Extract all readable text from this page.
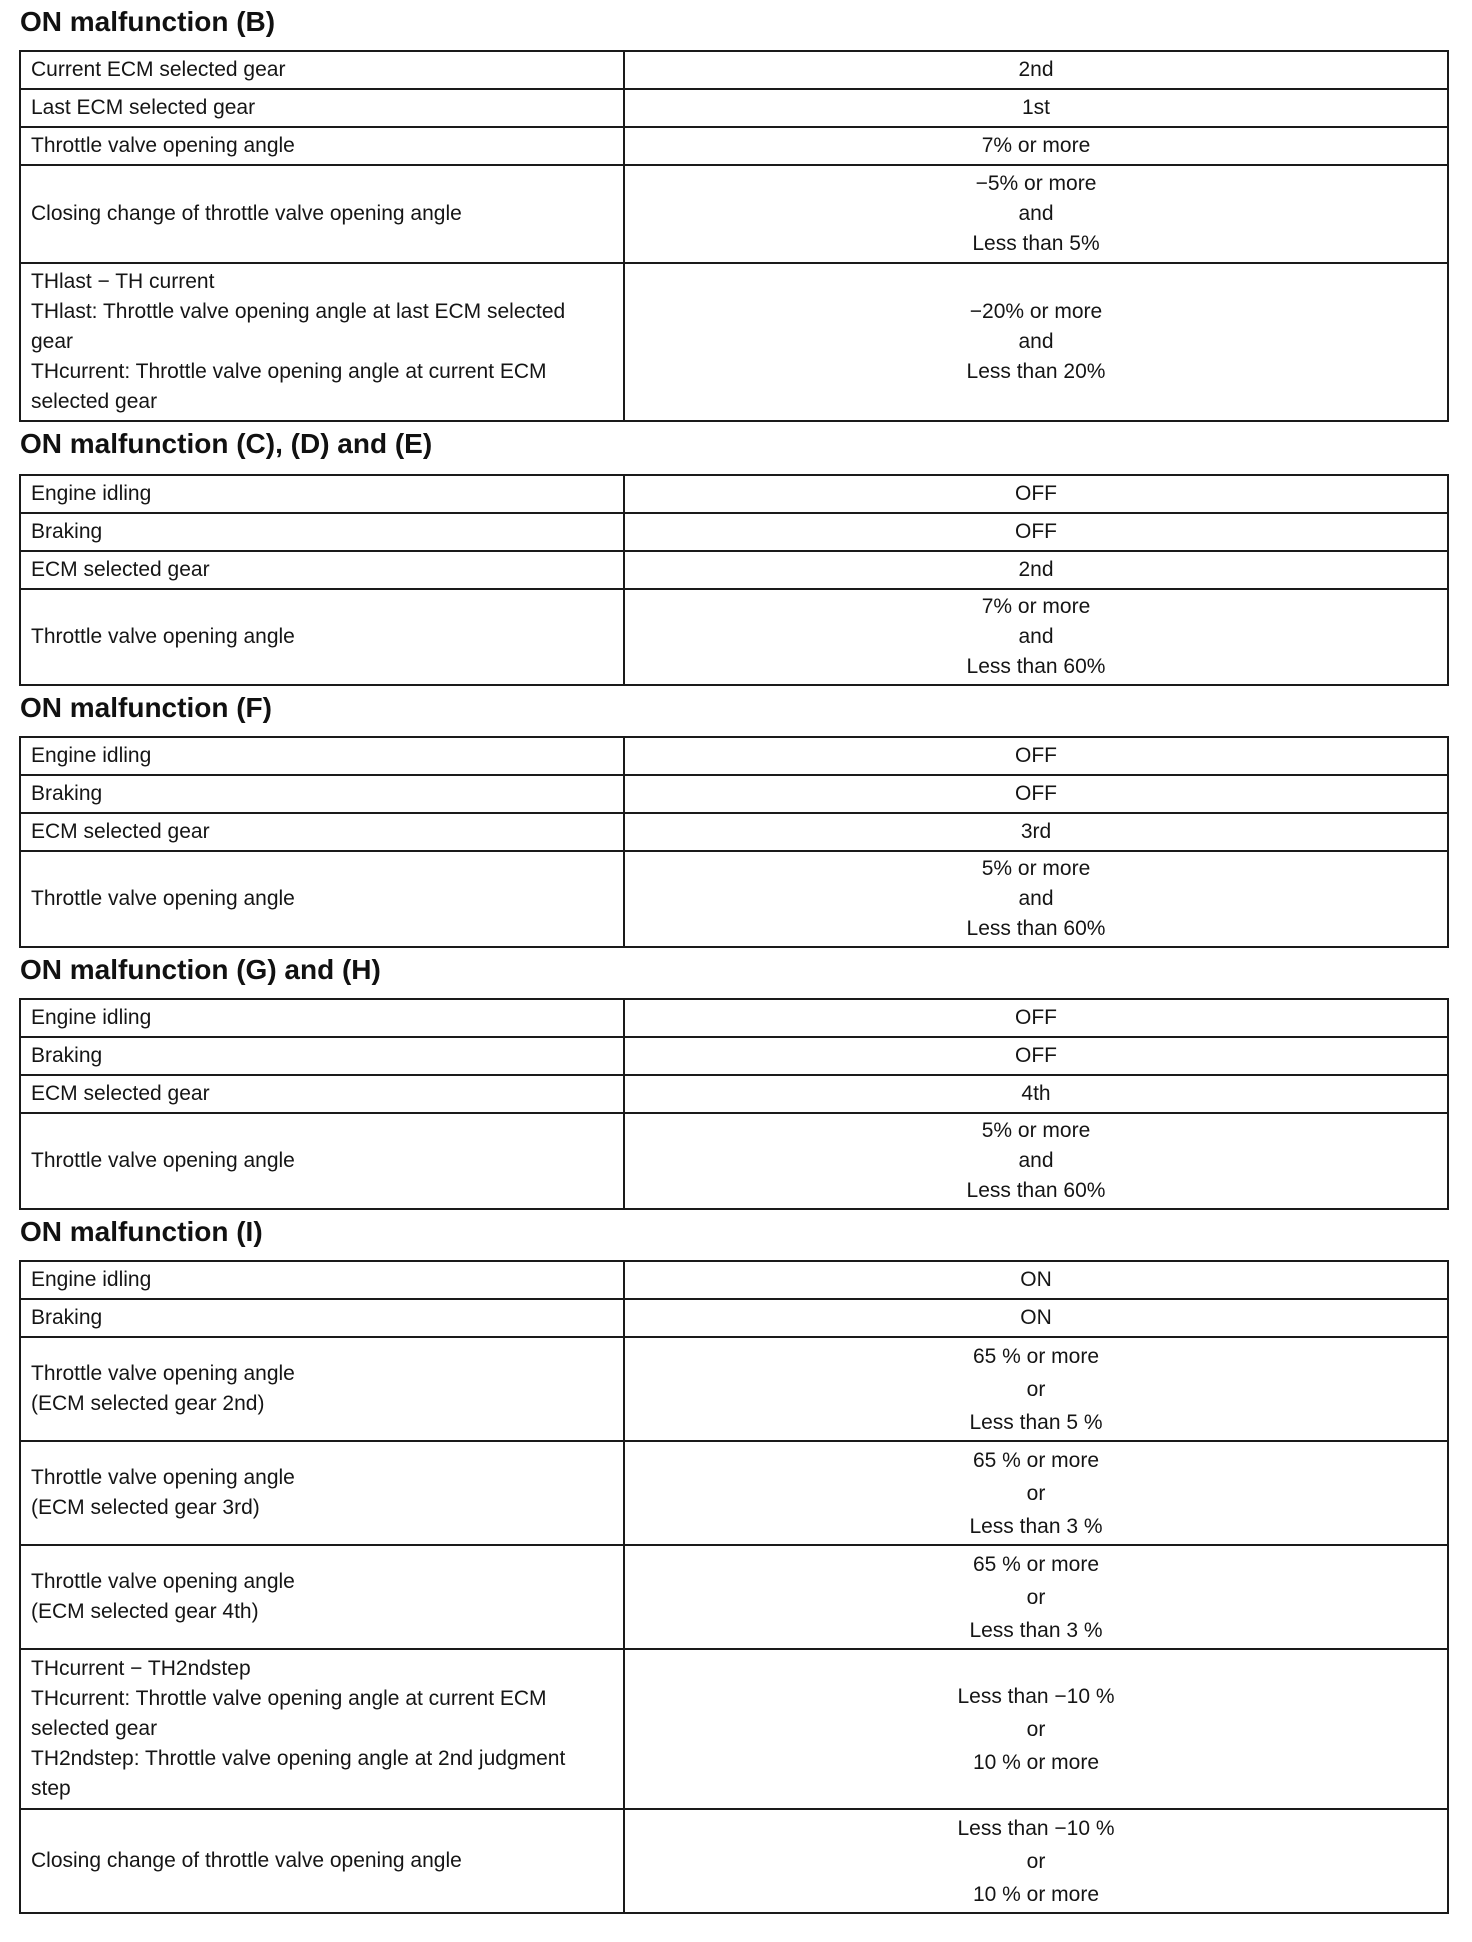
ON malfunction (B)
Current ECM selected gear	2nd

Last ECM selected gear	1st

Throttle valve opening angle	7% or more

Closing change of throttle valve opening angle	−5% or more
and
Less than 5%

THlast − TH current
THlast: Throttle valve opening angle at last ECM selected
gear
THcurrent: Throttle valve opening angle at current ECM
selected gear	−20% or more
and
Less than 20%
ON malfunction (C), (D) and (E)
Engine idling	OFF

Braking	OFF

ECM selected gear	2nd

Throttle valve opening angle	7% or more
and
Less than 60%
ON malfunction (F)
Engine idling	OFF

Braking	OFF

ECM selected gear	3rd

Throttle valve opening angle	5% or more
and
Less than 60%
ON malfunction (G) and (H)
Engine idling	OFF

Braking	OFF

ECM selected gear	4th

Throttle valve opening angle	5% or more
and
Less than 60%
ON malfunction (I)
Engine idling	ON

Braking	ON

Throttle valve opening angle
(ECM selected gear 2nd)	65 % or more
or
Less than 5 %

Throttle valve opening angle
(ECM selected gear 3rd)	65 % or more
or
Less than 3 %

Throttle valve opening angle
(ECM selected gear 4th)	65 % or more
or
Less than 3 %

THcurrent − TH2ndstep
THcurrent: Throttle valve opening angle at current ECM
selected gear
TH2ndstep: Throttle valve opening angle at 2nd judgment
step	Less than −10 %
or
10 % or more

Closing change of throttle valve opening angle	Less than −10 %
or
10 % or more
